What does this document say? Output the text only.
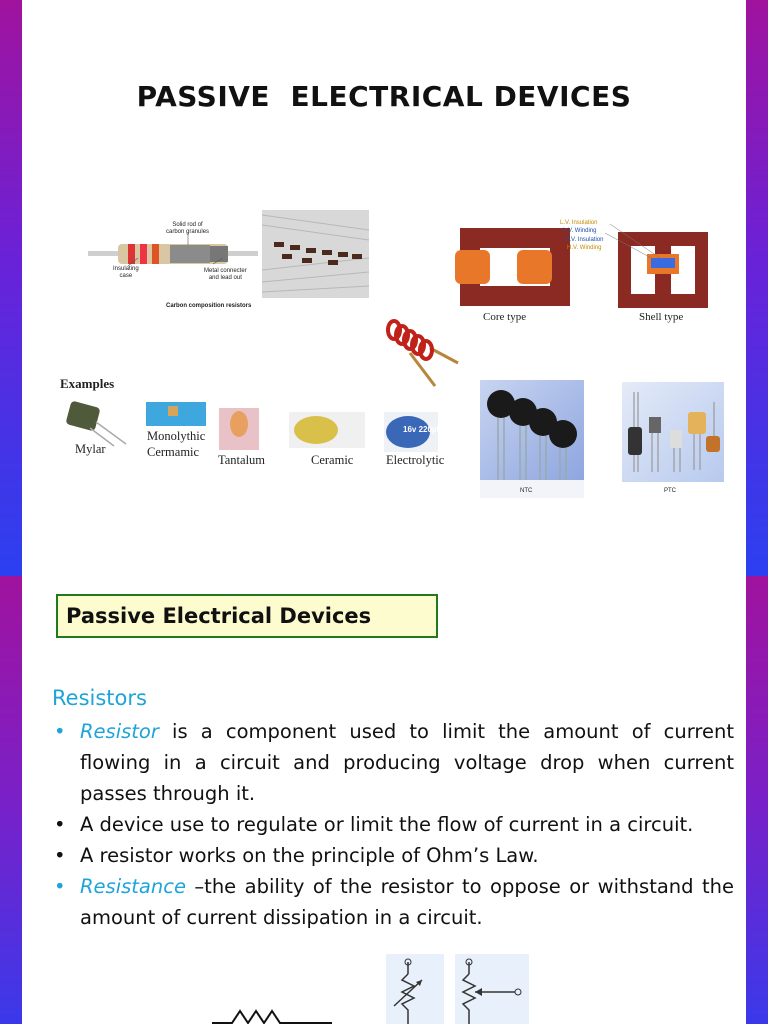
PASSIVE  ELECTRICAL DEVICES
Solid rod of
carbon granules
Insulating
case
Metal connecter
and lead out
Carbon composition resistors
L.V. Insulation
L.V. Winding
H.V. Insulation
H.V. Winding
Core type	Shell type
Examples
16v 220µF
Mylar
Monolythic
Cermamic
Tantalum	Ceramic	Electrolytic
NTC	PTC
Passive Electrical Devices
Resistors
• Resistor is a component used to limit the amount of current flowing in a circuit and producing voltage drop when current passes through it.
• A device use to regulate or limit the flow of current in a circuit.
• A resistor works on the principle of Ohm’s Law.
• Resistance –the ability of the resistor to oppose or withstand the amount of current dissipation in a circuit.
